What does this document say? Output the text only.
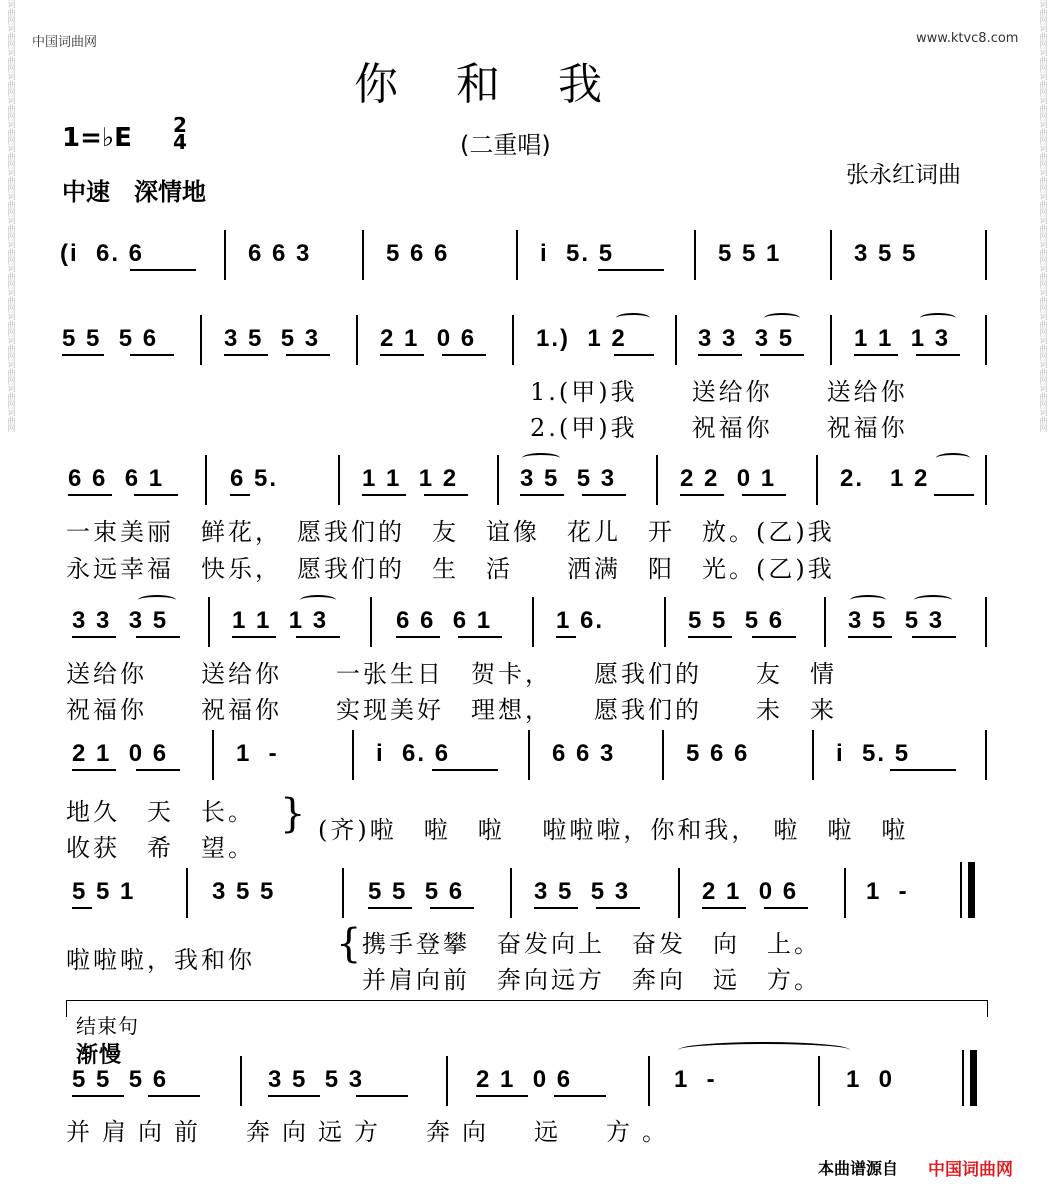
中国词曲网	www.ktvc8.com
词曲网词曲网词曲网词曲网词曲网词曲网词曲网词曲网词曲网词曲网词曲网词曲网词曲网词曲网词曲网词曲网词曲网词曲网	词曲网词曲网词曲网词曲网词曲网词曲网词曲网词曲网词曲网词曲网词曲网词曲网词曲网词曲网词曲网词曲网词曲网词曲网
你和我
1=♭E 2
4	(二重唱)
中速　深情地
张永红词曲
(i  6. 6	6 6 3	5 6 6	i  5. 5	5 5 1	3 5 5
5 5  5 6	3 5  5 3 2 1  0 6 1.)  1 2	3 3  3 5 1 1  1 3
1.(甲)我　　送给你　　送给你
2.(甲)我　　祝福你　　祝福你
6 6  6 1	6 5.	1 1  1 2	3 5  5 3	2 2  0 1	2.   1 2
一束美丽　鲜花，　愿我们的　友　谊像　花儿　开　放。(乙)我
永远幸福　快乐，　愿我们的　生　活　　洒满　阳　光。(乙)我
3 3  3 5	1 1  1 3	6 6  6 1	1 6.	5 5  5 6	3 5  5 3
送给你　　送给你　　一张生日　贺卡，　　愿我们的　　友　情
祝福你　　祝福你　　实现美好　理想，　　愿我们的　　未　来
2 1  0 6	1  -	i  6. 6	6 6 3	5 6 6	i  5. 5
地久　天　长。
收获　希　望。
} (齐)啦　啦　啦　 啦啦啦，你和我，　啦　啦　啦
5 5 1	3 5 5	5 5  5 6	3 5  5 3	2 1  0 6	1  -
啦啦啦，我和你 { 携手登攀　奋发向上　奋发　向　上。
并肩向前　奔向远方　奔向　远　方。
结束句
渐慢
5 5  5 6	3 5  5 3	2 1  0 6	1  -	1  0
并肩向前　奔向远方　奔向　远　方。
本曲谱源自 中国词曲网
